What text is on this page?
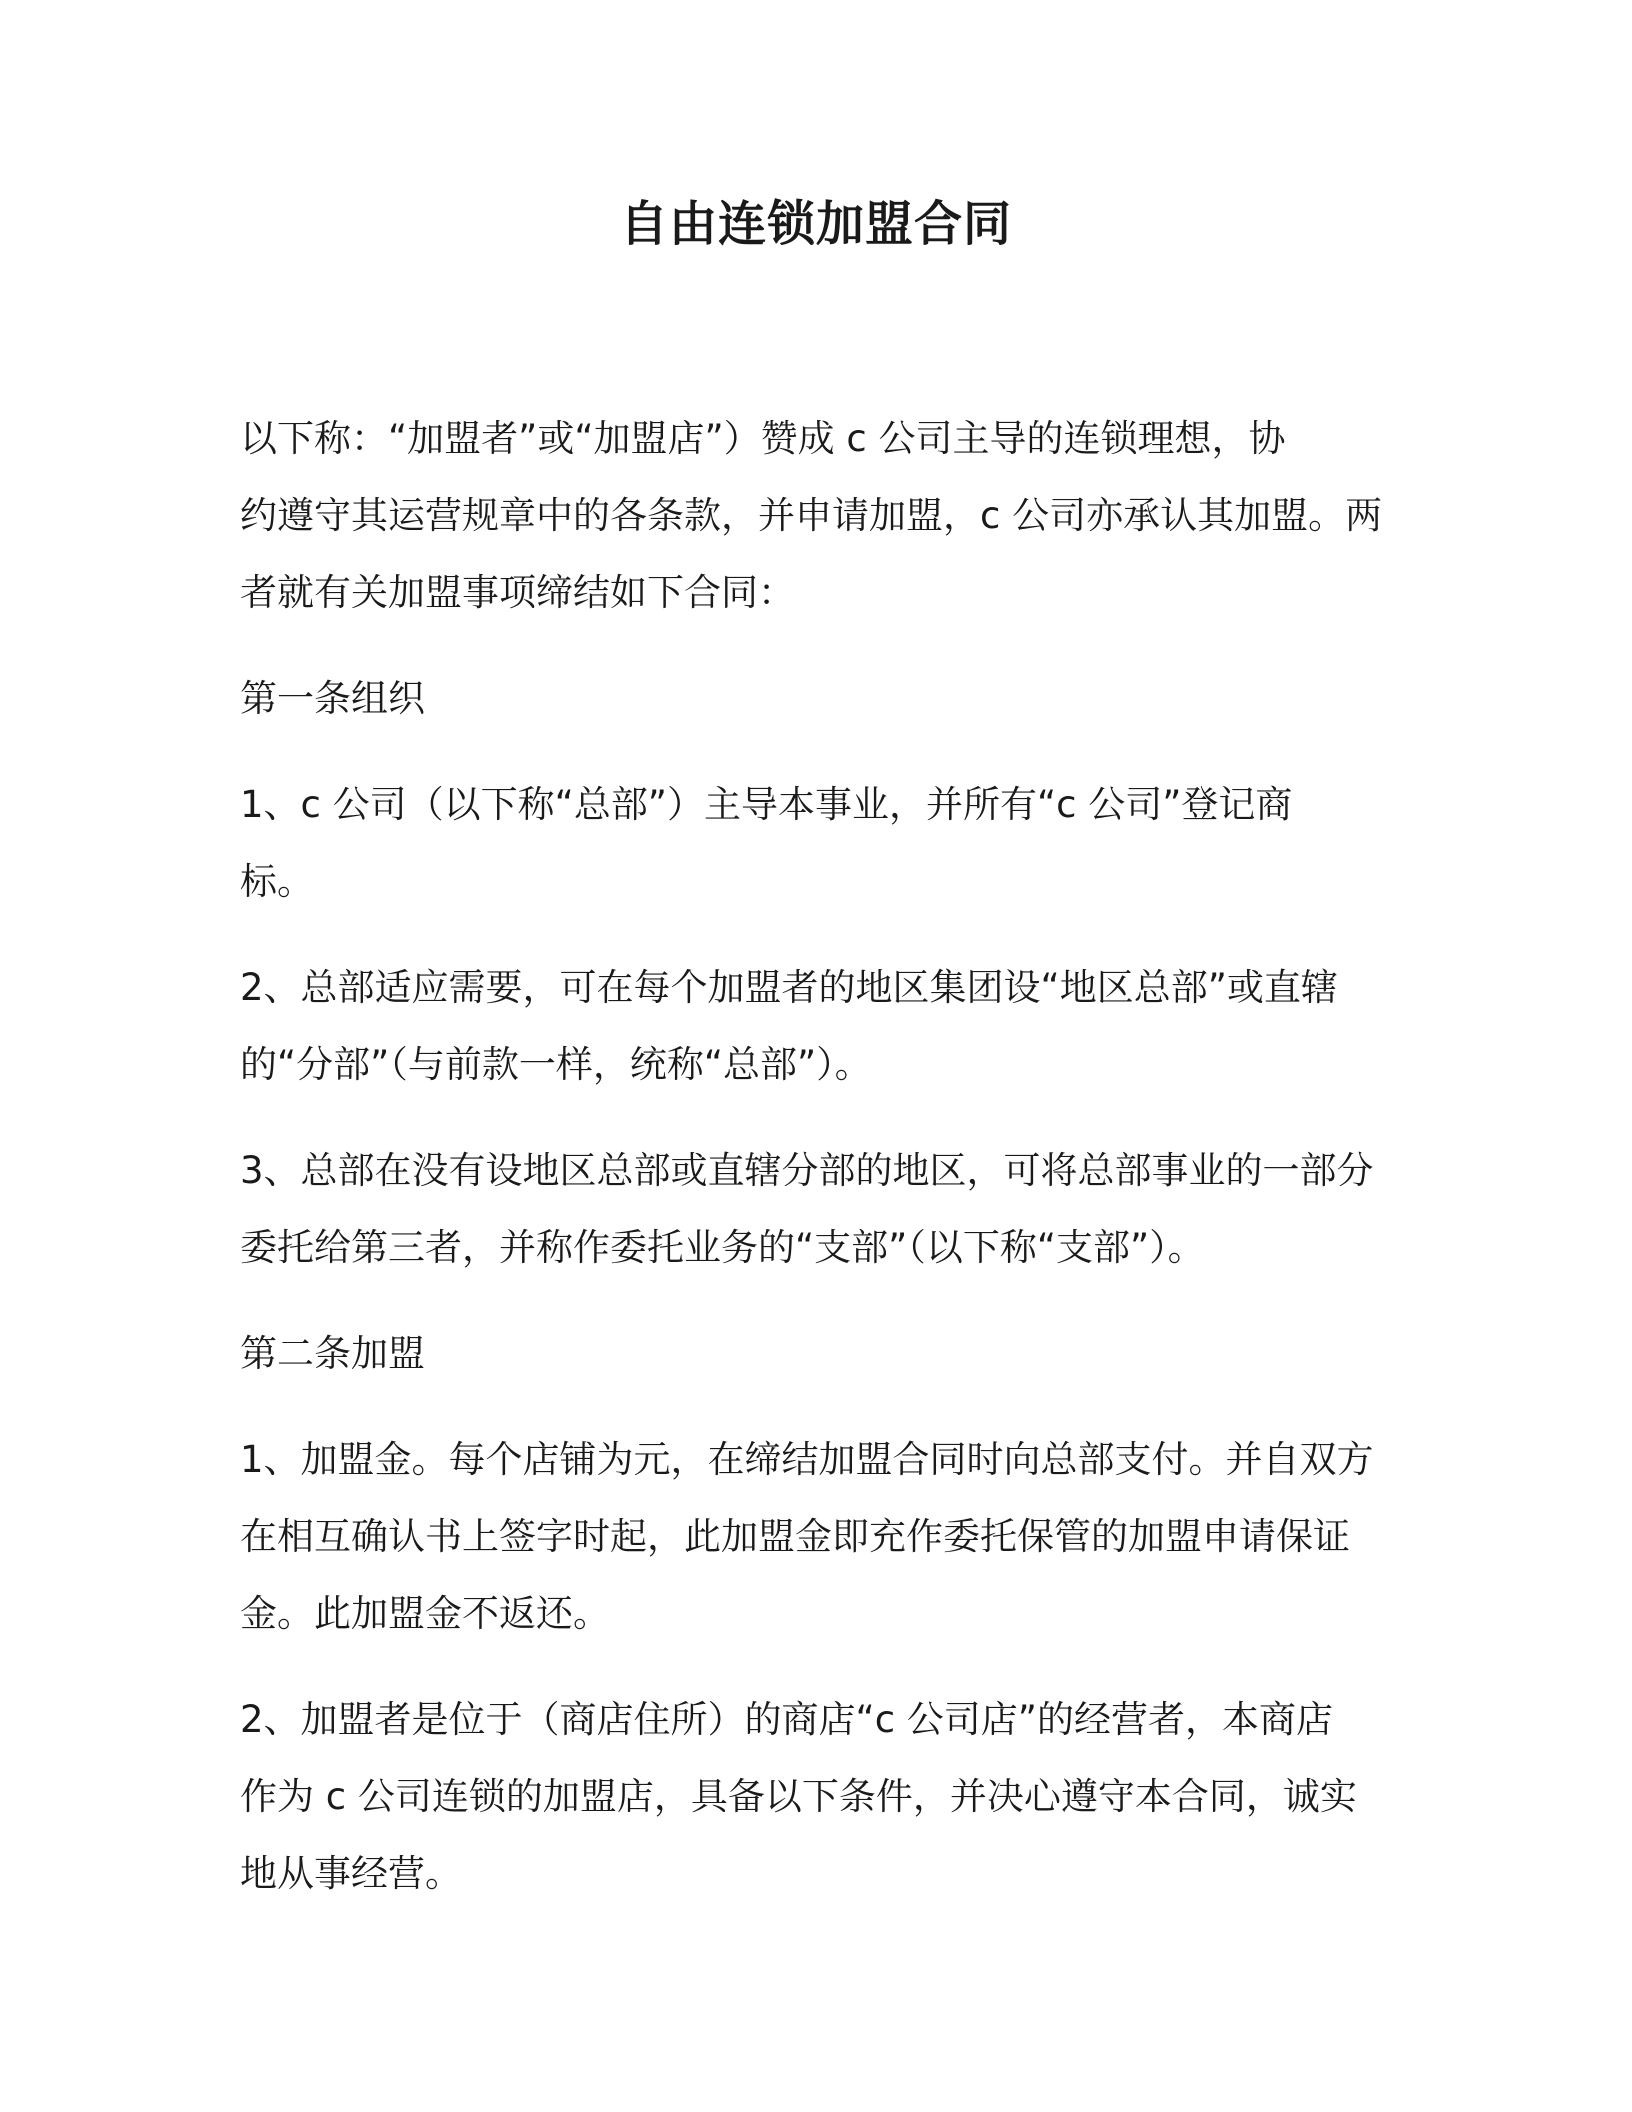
自由连锁加盟合同

以下称：“加盟者”或“加盟店”）赞成 c 公司主导的连锁理想，协
约遵守其运营规章中的各条款，并申请加盟，c 公司亦承认其加盟。两
者就有关加盟事项缔结如下合同：

第一条组织

1、c 公司（以下称“总部”）主导本事业，并所有“c 公司”登记商
标。

2、总部适应需要，可在每个加盟者的地区集团设“地区总部”或直辖
的“分部”（与前款一样，统称“总部”）。

3、总部在没有设地区总部或直辖分部的地区，可将总部事业的一部分
委托给第三者，并称作委托业务的“支部”（以下称“支部”）。

第二条加盟

1、加盟金。每个店铺为元，在缔结加盟合同时向总部支付。并自双方
在相互确认书上签字时起，此加盟金即充作委托保管的加盟申请保证
金。此加盟金不返还。

2、加盟者是位于（商店住所）的商店“c 公司店”的经营者，本商店
作为 c 公司连锁的加盟店，具备以下条件，并决心遵守本合同，诚实
地从事经营。
